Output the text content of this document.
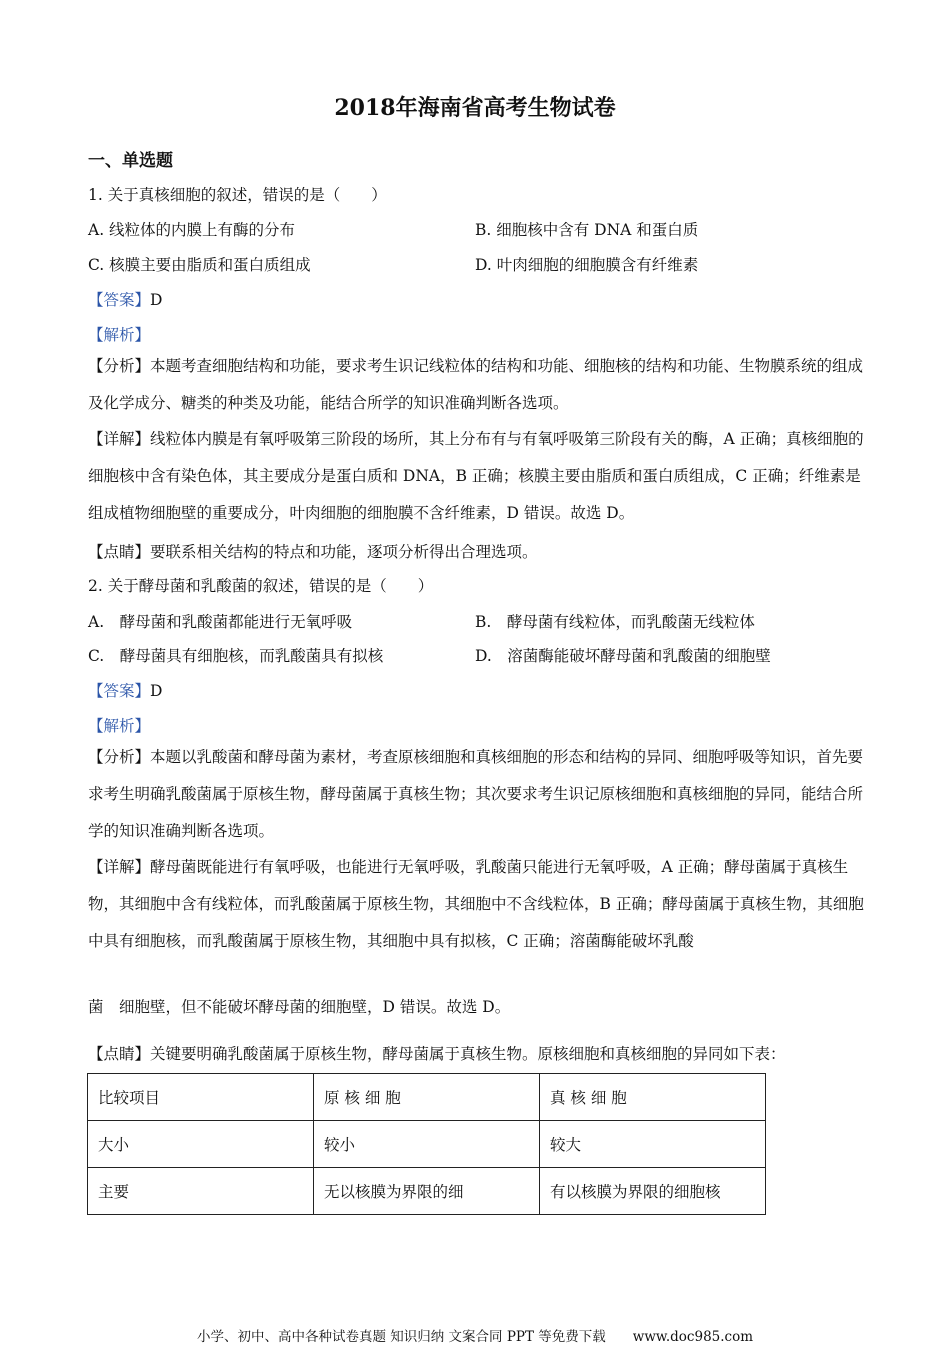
2018年海南省高考生物试卷
一、单选题
1. 关于真核细胞的叙述，错误的是（　　）
A. 线粒体的内膜上有酶的分布	B. 细胞核中含有 DNA 和蛋白质
C. 核膜主要由脂质和蛋白质组成	D. 叶肉细胞的细胞膜含有纤维素
【答案】D
【解析】
【分析】本题考查细胞结构和功能，要求考生识记线粒体的结构和功能、细胞核的结构和功能、生物膜系统的组成及化学成分、糖类的种类及功能，能结合所学的知识准确判断各选项。
【详解】线粒体内膜是有氧呼吸第三阶段的场所，其上分布有与有氧呼吸第三阶段有关的酶，A 正确；真核细胞的细胞核中含有染色体，其主要成分是蛋白质和 DNA，B 正确；核膜主要由脂质和蛋白质组成，C 正确；纤维素是组成植物细胞壁的重要成分，叶肉细胞的细胞膜不含纤维素，D 错误。故选 D。
【点睛】要联系相关结构的特点和功能，逐项分析得出合理选项。
2. 关于酵母菌和乳酸菌的叙述，错误的是（　　）
A.　酵母菌和乳酸菌都能进行无氧呼吸	B.　酵母菌有线粒体，而乳酸菌无线粒体
C.　酵母菌具有细胞核，而乳酸菌具有拟核	D.　溶菌酶能破坏酵母菌和乳酸菌的细胞壁
【答案】D
【解析】
【分析】本题以乳酸菌和酵母菌为素材，考查原核细胞和真核细胞的形态和结构的异同、细胞呼吸等知识，首先要求考生明确乳酸菌属于原核生物，酵母菌属于真核生物；其次要求考生识记原核细胞和真核细胞的异同，能结合所学的知识准确判断各选项。
【详解】酵母菌既能进行有氧呼吸，也能进行无氧呼吸，乳酸菌只能进行无氧呼吸，A 正确；酵母菌属于真核生物，其细胞中含有线粒体，而乳酸菌属于原核生物，其细胞中不含线粒体，B 正确；酵母菌属于真核生物，其细胞中具有细胞核，而乳酸菌属于原核生物，其细胞中具有拟核，C 正确；溶菌酶能破坏乳酸
菌　细胞壁，但不能破坏酵母菌的细胞壁，D 错误。故选 D。
【点睛】关键要明确乳酸菌属于原核生物，酵母菌属于真核生物。原核细胞和真核细胞的异同如下表：
比较项目	原 核 细 胞	真 核 细 胞
大小	较小	较大
主要	无以核膜为界限的细	有以核膜为界限的细胞核
小学、初中、高中各种试卷真题 知识归纳 文案合同 PPT 等免费下载　　www.doc985.com
